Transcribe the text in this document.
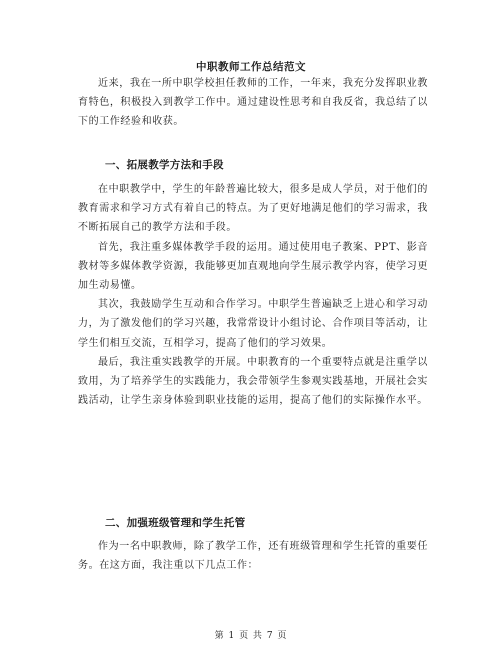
中职教师工作总结范文

近来，我在一所中职学校担任教师的工作，一年来，我充分发挥职业教育特色，积极投入到教学工作中。通过建设性思考和自我反省，我总结了以下的工作经验和收获。

一、拓展教学方法和手段

在中职教学中，学生的年龄普遍比较大，很多是成人学员，对于他们的教育需求和学习方式有着自己的特点。为了更好地满足他们的学习需求，我不断拓展自己的教学方法和手段。

首先，我注重多媒体教学手段的运用。通过使用电子教案、PPT、影音教材等多媒体教学资源，我能够更加直观地向学生展示教学内容，使学习更加生动易懂。

其次，我鼓励学生互动和合作学习。中职学生普遍缺乏上进心和学习动力，为了激发他们的学习兴趣，我常常设计小组讨论、合作项目等活动，让学生们相互交流，互相学习，提高了他们的学习效果。

最后，我注重实践教学的开展。中职教育的一个重要特点就是注重学以致用，为了培养学生的实践能力，我会带领学生参观实践基地，开展社会实践活动，让学生亲身体验到职业技能的运用，提高了他们的实际操作水平。

二、加强班级管理和学生托管

作为一名中职教师，除了教学工作，还有班级管理和学生托管的重要任务。在这方面，我注重以下几点工作：

第 1 页 共 7 页
